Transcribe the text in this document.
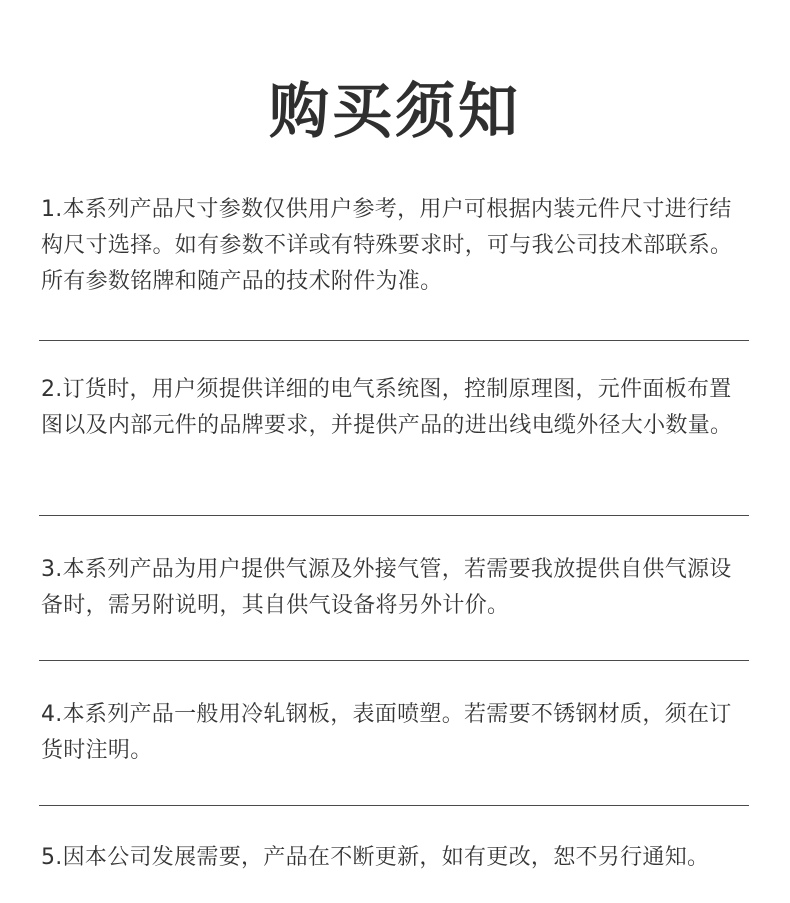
购买须知
1.本系列产品尺寸参数仅供用户参考，用户可根据内装元件尺寸进行结构尺寸选择。如有参数不详或有特殊要求时，可与我公司技术部联系。所有参数铭牌和随产品的技术附件为准。
2.订货时，用户须提供详细的电气系统图，控制原理图，元件面板布置图以及内部元件的品牌要求，并提供产品的进出线电缆外径大小数量。
3.本系列产品为用户提供气源及外接气管，若需要我放提供自供气源设备时，需另附说明，其自供气设备将另外计价。
4.本系列产品一般用冷轧钢板，表面喷塑。若需要不锈钢材质，须在订货时注明。
5.因本公司发展需要，产品在不断更新，如有更改，恕不另行通知。
